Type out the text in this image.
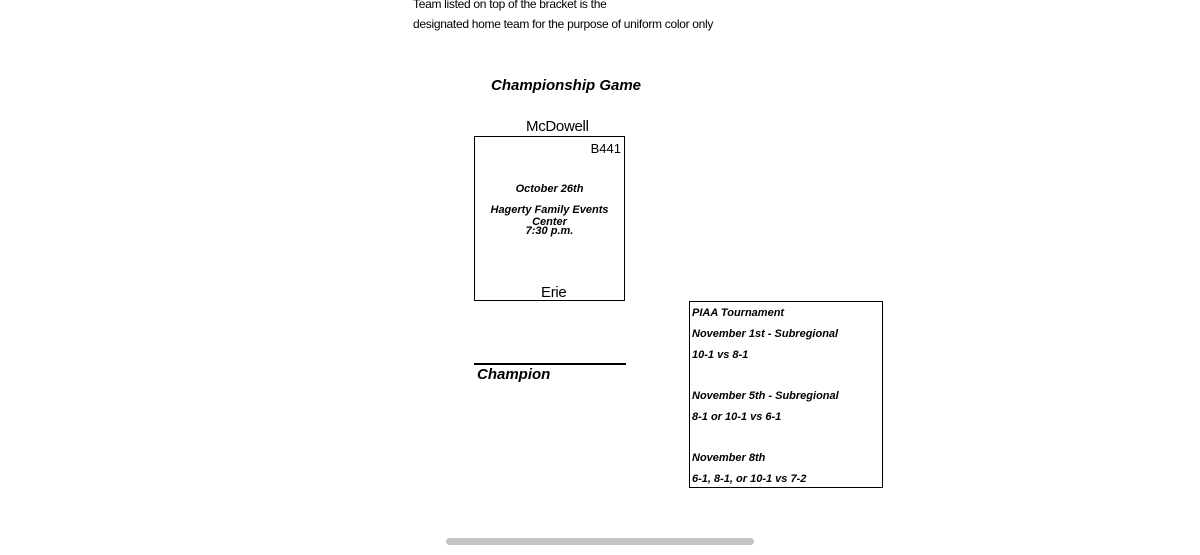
Team listed on top of the bracket is the
designated home team for the purpose of uniform color only
Championship Game
McDowell
B441
October 26th
Hagerty Family Events Center
7:30 p.m.
Erie
Champion
PIAA Tournament
November 1st - Subregional
10-1 vs 8-1
November 5th - Subregional
8-1 or 10-1 vs 6-1
November 8th
6-1, 8-1, or 10-1 vs 7-2
